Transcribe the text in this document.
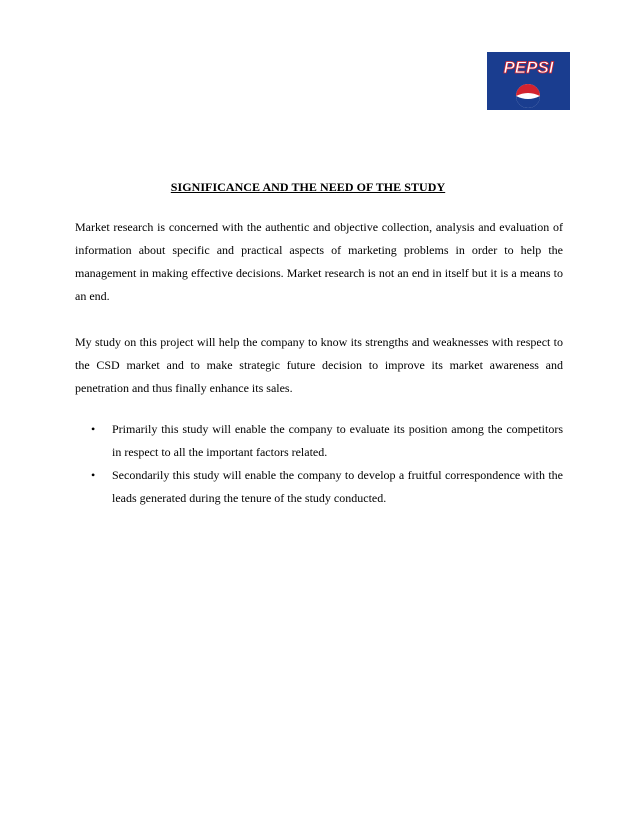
PEPSI
SIGNIFICANCE AND THE NEED OF THE STUDY
Market research is concerned with the authentic and objective collection, analysis and evaluation of information about specific and practical aspects of marketing problems in order to help the management in making effective decisions. Market research is not an end in itself but it is a means to an end.
My study on this project will help the company to know its strengths and weaknesses with respect to the CSD market and to make strategic future decision to improve its market awareness and penetration and thus finally enhance its sales.
• Primarily this study will enable the company to evaluate its position among the competitors in respect to all the important factors related.
• Secondarily this study will enable the company to develop a fruitful correspondence with the leads generated during the tenure of the study conducted.
